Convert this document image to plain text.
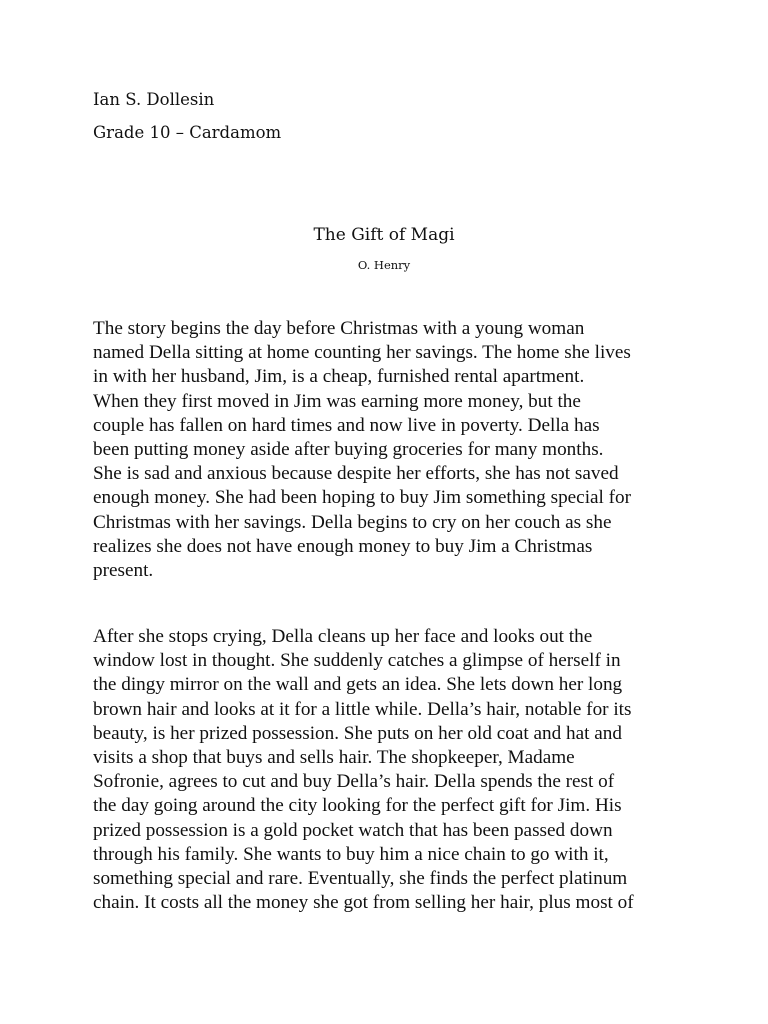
Ian S. Dollesin
Grade 10 – Cardamom
The Gift of Magi
O. Henry
The story begins the day before Christmas with a young woman
named Della sitting at home counting her savings. The home she lives
in with her husband, Jim, is a cheap, furnished rental apartment.
When they first moved in Jim was earning more money, but the
couple has fallen on hard times and now live in poverty. Della has
been putting money aside after buying groceries for many months.
She is sad and anxious because despite her efforts, she has not saved
enough money. She had been hoping to buy Jim something special for
Christmas with her savings. Della begins to cry on her couch as she
realizes she does not have enough money to buy Jim a Christmas
present.
After she stops crying, Della cleans up her face and looks out the
window lost in thought. She suddenly catches a glimpse of herself in
the dingy mirror on the wall and gets an idea. She lets down her long
brown hair and looks at it for a little while. Della’s hair, notable for its
beauty, is her prized possession. She puts on her old coat and hat and
visits a shop that buys and sells hair. The shopkeeper, Madame
Sofronie, agrees to cut and buy Della’s hair. Della spends the rest of
the day going around the city looking for the perfect gift for Jim. His
prized possession is a gold pocket watch that has been passed down
through his family. She wants to buy him a nice chain to go with it,
something special and rare. Eventually, she finds the perfect platinum
chain. It costs all the money she got from selling her hair, plus most of
